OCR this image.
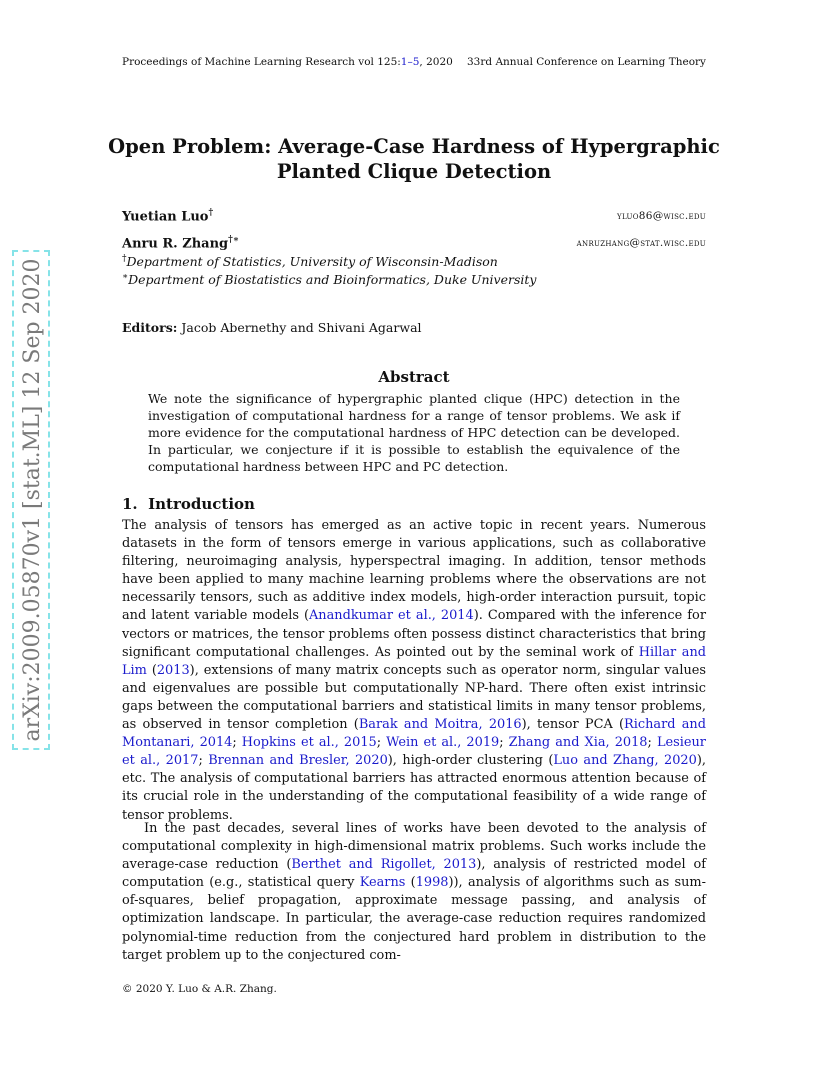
Proceedings of Machine Learning Research vol 125:1–5, 2020 33rd Annual Conference on Learning Theory
arXiv:2009.05870v1 [stat.ML] 12 Sep 2020
Open Problem: Average-Case Hardness of Hypergraphic
Planted Clique Detection
Yuetian Luo†	yluo86@wisc.edu
Anru R. Zhang†∗	anruzhang@stat.wisc.edu
†Department of Statistics, University of Wisconsin-Madison
∗Department of Biostatistics and Bioinformatics, Duke University
Editors: Jacob Abernethy and Shivani Agarwal
Abstract
We note the significance of hypergraphic planted clique (HPC) detection in the investigation of computational hardness for a range of tensor problems. We ask if more evidence for the computational hardness of HPC detection can be developed. In particular, we conjecture if it is possible to establish the equivalence of the computational hardness between HPC and PC detection.
1. Introduction
The analysis of tensors has emerged as an active topic in recent years. Numerous datasets in the form of tensors emerge in various applications, such as collaborative filtering, neuroimaging analysis, hyperspectral imaging. In addition, tensor methods have been applied to many machine learning problems where the observations are not necessarily tensors, such as additive index models, high-order interaction pursuit, topic and latent variable models (Anandkumar et al., 2014). Compared with the inference for vectors or matrices, the tensor problems often possess distinct characteristics that bring significant computational challenges. As pointed out by the seminal work of Hillar and Lim (2013), extensions of many matrix concepts such as operator norm, singular values and eigenvalues are possible but computationally NP-hard. There often exist intrinsic gaps between the computational barriers and statistical limits in many tensor problems, as observed in tensor completion (Barak and Moitra, 2016), tensor PCA (Richard and Montanari, 2014; Hopkins et al., 2015; Wein et al., 2019; Zhang and Xia, 2018; Lesieur et al., 2017; Brennan and Bresler, 2020), high-order clustering (Luo and Zhang, 2020), etc. The analysis of computational barriers has attracted enormous attention because of its crucial role in the understanding of the computational feasibility of a wide range of tensor problems.
In the past decades, several lines of works have been devoted to the analysis of computational complexity in high-dimensional matrix problems. Such works include the average-case reduction (Berthet and Rigollet, 2013), analysis of restricted model of computation (e.g., statistical query Kearns (1998)), analysis of algorithms such as sum-of-squares, belief propagation, approximate message passing, and analysis of optimization landscape. In particular, the average-case reduction requires randomized polynomial-time reduction from the conjectured hard problem in distribution to the target problem up to the conjectured com-
© 2020 Y. Luo & A.R. Zhang.
